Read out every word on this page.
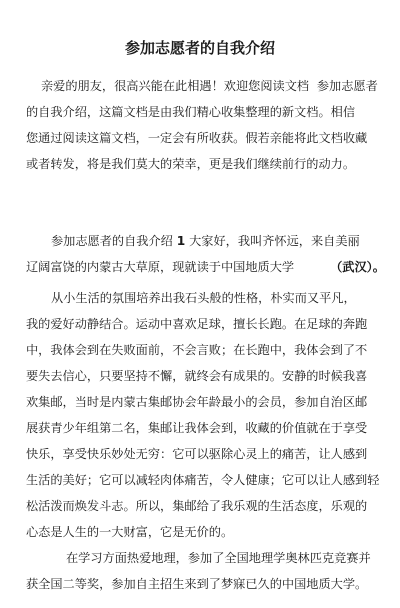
参加志愿者的自我介绍
亲爱的朋友，很高兴能在此相遇！欢迎您阅读文档  参加志愿者
的自我介绍，这篇文档是由我们精心收集整理的新文档。相信
您通过阅读这篇文档，一定会有所收获。假若亲能将此文档收藏
或者转发，将是我们莫大的荣幸，更是我们继续前行的动力。
参加志愿者的自我介绍 1 大家好，我叫齐怀远，来自美丽
辽阔富饶的内蒙古大草原，现就读于中国地质大学	（武汉）。
从小生活的氛围培养出我石头般的性格，朴实而又平凡，
我的爱好动静结合。运动中喜欢足球，擅长长跑。在足球的奔跑
中，我体会到在失败面前，不会言败；在长跑中，我体会到了不
要失去信心，只要坚持不懈，就终会有成果的。安静的时候我喜
欢集邮，当时是内蒙古集邮协会年龄最小的会员，参加自治区邮
展获青少年组第二名，集邮让我体会到，收藏的价值就在于享受
快乐，享受快乐妙处无穷：它可以驱除心灵上的痛苦，让人感到
生活的美好；它可以减轻肉体痛苦，令人健康；它可以让人感到轻
松活泼而焕发斗志。所以，集邮给了我乐观的生活态度，乐观的
心态是人生的一大财富，它是无价的。
在学习方面热爱地理，参加了全国地理学奥林匹克竞赛并
获全国二等奖，参加自主招生来到了梦寐已久的中国地质大学。
